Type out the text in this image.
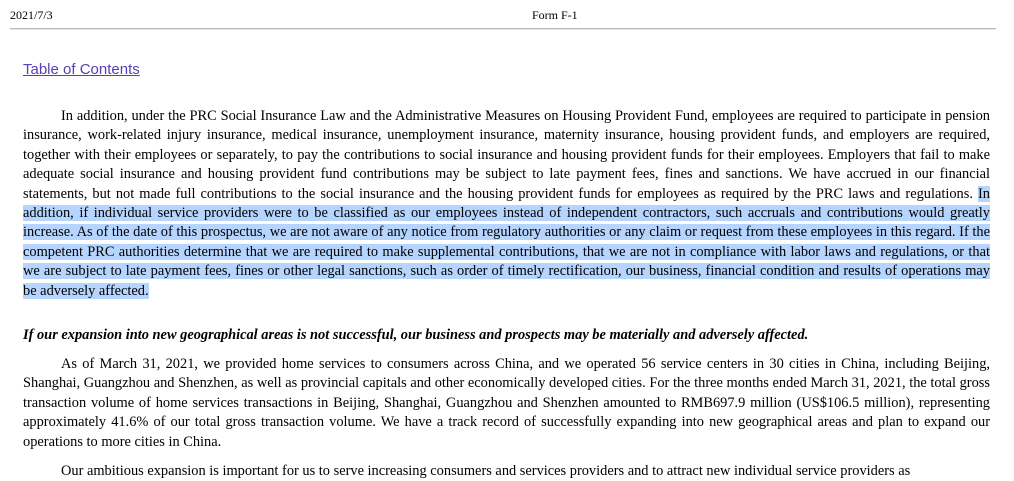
2021/7/3	Form F-1
Table of Contents

In addition, under the PRC Social Insurance Law and the Administrative Measures on Housing Provident Fund, employees are required to participate in pension insurance, work-related injury insurance, medical insurance, unemployment insurance, maternity insurance, housing provident funds, and employers are required, together with their employees or separately, to pay the contributions to social insurance and housing provident funds for their employees. Employers that fail to make adequate social insurance and housing provident fund contributions may be subject to late payment fees, fines and sanctions. We have accrued in our financial statements, but not made full contributions to the social insurance and the housing provident funds for employees as required by the PRC laws and regulations. In addition, if individual service providers were to be classified as our employees instead of independent contractors, such accruals and contributions would greatly increase. As of the date of this prospectus, we are not aware of any notice from regulatory authorities or any claim or request from these employees in this regard. If the competent PRC authorities determine that we are required to make supplemental contributions, that we are not in compliance with labor laws and regulations, or that we are subject to late payment fees, fines or other legal sanctions, such as order of timely rectification, our business, financial condition and results of operations may be adversely affected.

If our expansion into new geographical areas is not successful, our business and prospects may be materially and adversely affected.

As of March 31, 2021, we provided home services to consumers across China, and we operated 56 service centers in 30 cities in China, including Beijing, Shanghai, Guangzhou and Shenzhen, as well as provincial capitals and other economically developed cities. For the three months ended March 31, 2021, the total gross transaction volume of home services transactions in Beijing, Shanghai, Guangzhou and Shenzhen amounted to RMB697.9 million (US$106.5 million), representing approximately 41.6% of our total gross transaction volume. We have a track record of successfully expanding into new geographical areas and plan to expand our operations to more cities in China.

Our ambitious expansion is important for us to serve increasing consumers and services providers and to attract new individual service providers as
